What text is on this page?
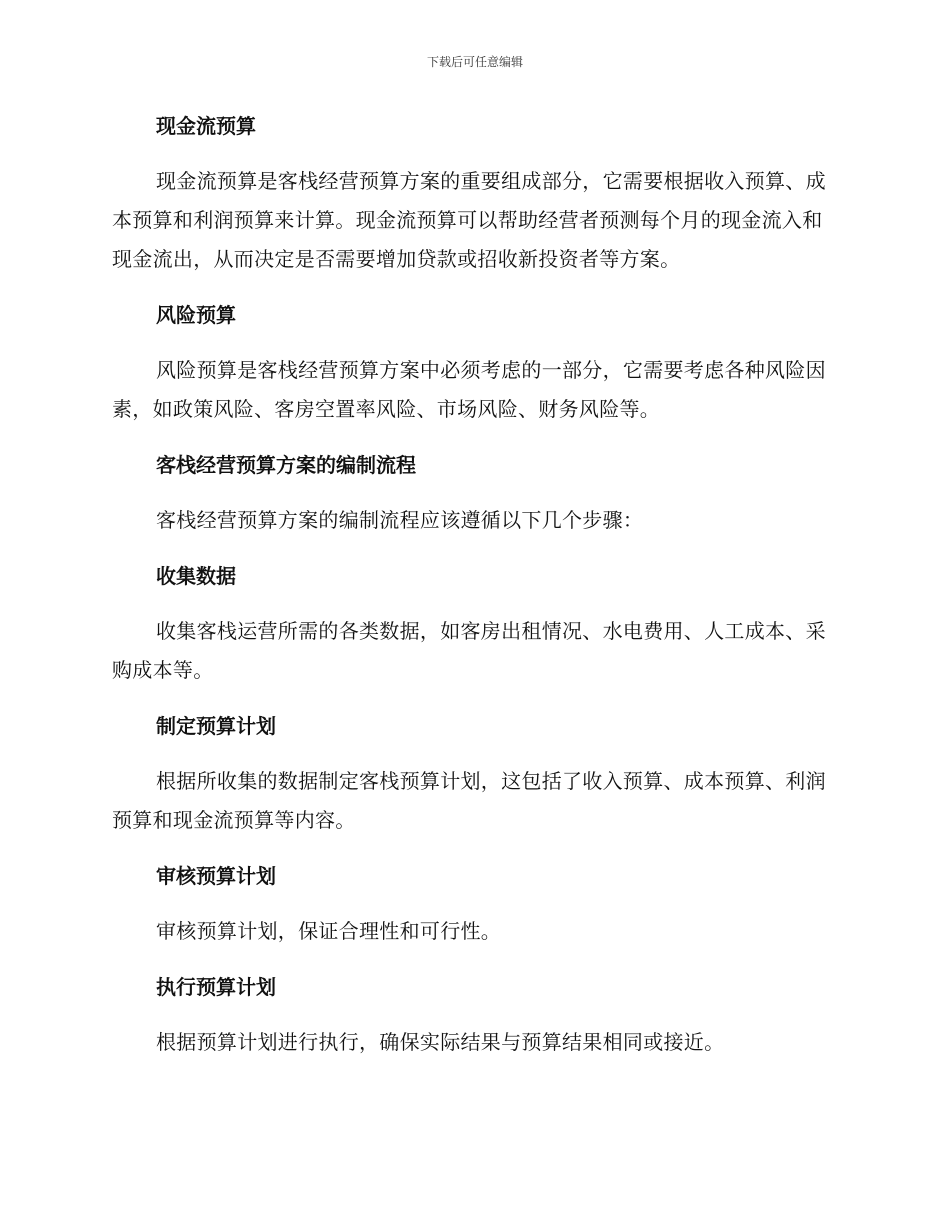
下载后可任意编辑
现金流预算

现金流预算是客栈经营预算方案的重要组成部分，它需要根据收入预算、成本预算和利润预算来计算。现金流预算可以帮助经营者预测每个月的现金流入和现金流出，从而决定是否需要增加贷款或招收新投资者等方案。

风险预算

风险预算是客栈经营预算方案中必须考虑的一部分，它需要考虑各种风险因素，如政策风险、客房空置率风险、市场风险、财务风险等。

客栈经营预算方案的编制流程

客栈经营预算方案的编制流程应该遵循以下几个步骤：

收集数据

收集客栈运营所需的各类数据，如客房出租情况、水电费用、人工成本、采购成本等。

制定预算计划

根据所收集的数据制定客栈预算计划，这包括了收入预算、成本预算、利润预算和现金流预算等内容。

审核预算计划

审核预算计划，保证合理性和可行性。

执行预算计划

根据预算计划进行执行，确保实际结果与预算结果相同或接近。
